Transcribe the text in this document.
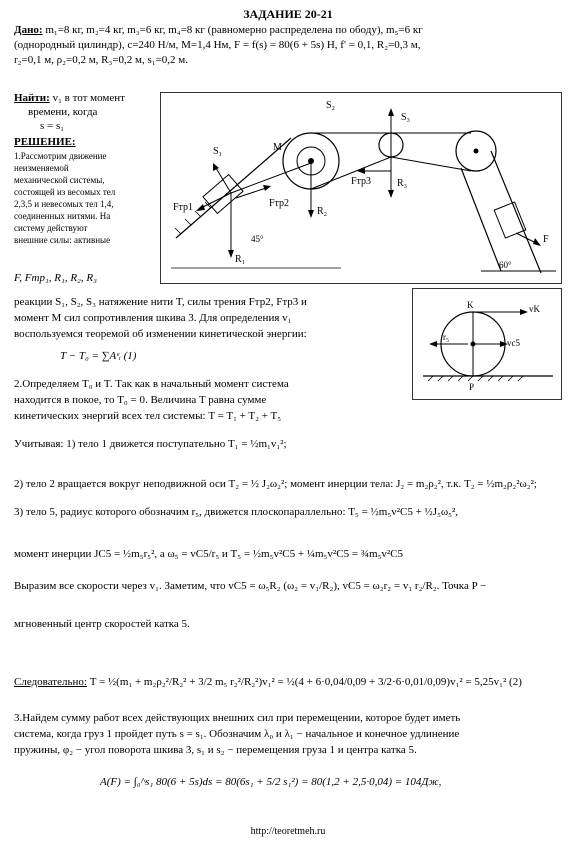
ЗАДАНИЕ 20-21
Дано: m₁=8 кг, m₂=4 кг, m₃=6 кг, m₄=8 кг (равномерно распределена по ободу), m₅=6 кг
(однородный цилиндр), c=240 Н/м, M=1,4 Нм, F = f(s) = 80(6 + 5s) Н, f' = 0,1, R₂=0,3 м,
r₂=0,1 м, ρ₂=0,2 м, R₃=0,2 м, s₁=0,2 м.
Найти: v₁ в тот момент
времени, когда
s = s₁
РЕШЕНИЕ:
1.Рассмотрим движение
неизменяемой
механической системы,
состоящей из весомых тел
2,3,5 и невесомых тел 1,4,
соединенных нитями. На
систему действуют
внешние силы: активные
F, Fтр₁, R₁, R₂, R₃
S₁
S₂
S₃
M
Fтр1	Fтр2
Fтр3
R₁
R₂
R₃
F
60°
45°
K	vK
r₅
vc5
P
реакции S₁, S₂, S₃ натяжение нити T, силы трения Fтр2, Fтр3 и
момент M сил сопротивления шкива 3. Для определения v₁
воспользуемся теоремой об изменении кинетической энергии:
T − T₀ = ∑Aᵉᵢ (1)
2.Определяем T₀ и T. Так как в начальный момент система
находится в покое, то T₀ = 0. Величина T равна сумме
кинетических энергий всех тел системы: T = T₁ + T₂ + T₅
Учитывая: 1) тело 1 движется поступательно T₁ = ½m₁v₁²;
2) тело 2 вращается вокруг неподвижной оси T₂ = ½ J₂ω₂²; момент инерции тела: J₂ = m₂ρ₂², т.к. T₂ = ½m₂ρ₂²ω₂²;
3) тело 5, радиус которого обозначим r₅, движется плоскопараллельно: T₅ = ½m₅v²C5 + ½J₅ω₅²,
момент инерции JC5 = ½m₅r₅², а ω₅ = vC5/r₅ и T₅ = ½m₅v²C5 + ¼m₅v²C5 = ¾m₅v²C5
Выразим все скорости через v₁. Заметим, что vC5 = ω₅R₂ (ω₂ = v₁/R₂), vC5 = ω₂r₂ = v₁ r₂/R₂. Точка P −
мгновенный центр скоростей катка 5.
Следовательно: T = ½(m₁ + m₂ρ₂²/R₂² + 3/2 m₅ r₂²/R₂²)v₁² = ½(4 + 6·0,04/0,09 + 3/2·6·0,01/0,09)v₁² = 5,25v₁² (2)
3.Найдем сумму работ всех действующих внешних сил при перемещении, которое будет иметь
система, когда груз 1 пройдет путь s = s₁. Обозначим λ₀ и λ₁ − начальное и конечное удлинение
пружины, φ₂ − угол поворота шкива 3, s₁ и s₂ − перемещения груза 1 и центра катка 5.
A(F) = ∫₀^s₁ 80(6 + 5s)ds = 80(6s₁ + 5/2 s₁²) = 80(1,2 + 2,5·0,04) = 104Дж,
http://teoretmeh.ru
